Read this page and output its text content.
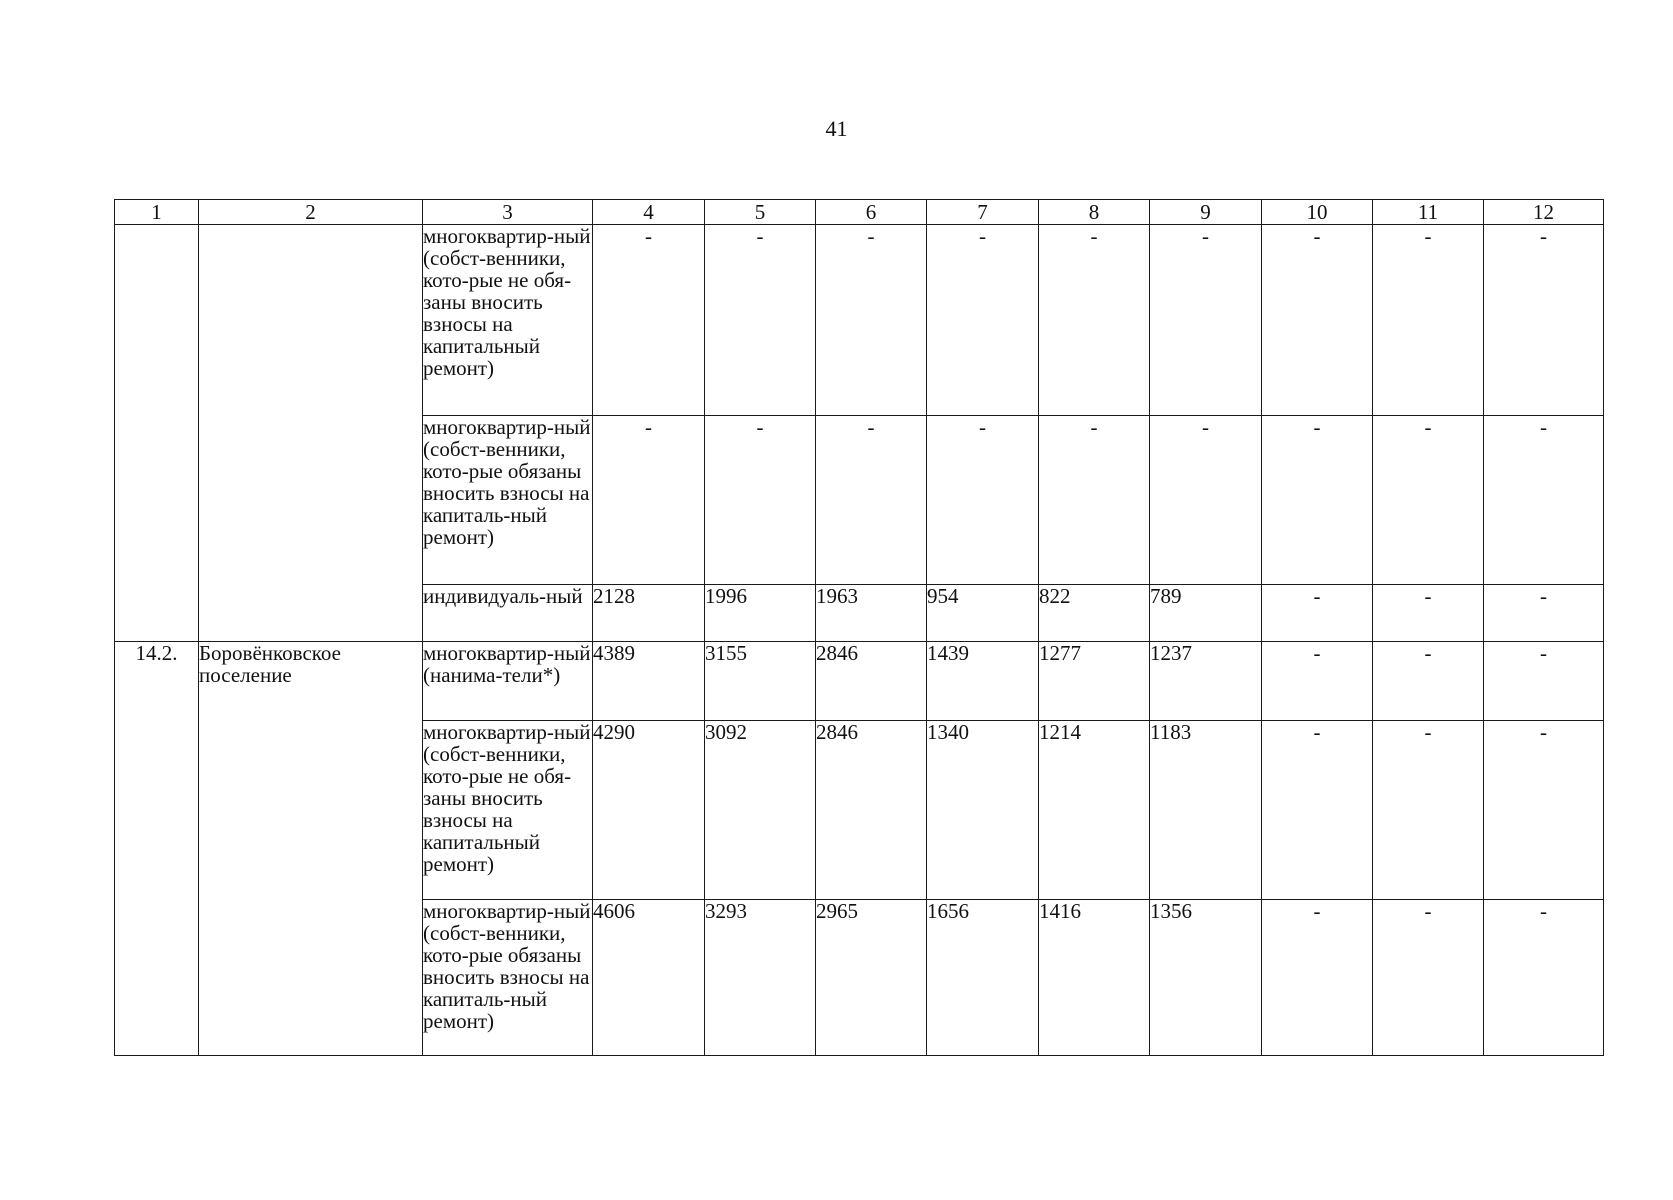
41
1	2	3	4	5	6	7	8	9	10	11	12
		многоквартир-ный (собст-венники, кото-рые не обя-заны вносить взносы на капитальный ремонт)	-	-	-	-	-	-	-	-	-
		многоквартир-ный (собст-венники, кото-рые обязаны вносить взносы на капиталь-ный ремонт)	-	-	-	-	-	-	-	-	-
		индивидуаль-ный	2128	1996	1963	954	822	789	-	-	-
14.2.	Боровёнковское поселение	многоквартир-ный (нанима-тели*)	4389	3155	2846	1439	1277	1237	-	-	-
		многоквартир-ный (собст-венники, кото-рые не обя-заны вносить взносы на капитальный ремонт)	4290	3092	2846	1340	1214	1183	-	-	-
		многоквартир-ный (собст-венники, кото-рые обязаны вносить взносы на капиталь-ный ремонт)	4606	3293	2965	1656	1416	1356	-	-	-
